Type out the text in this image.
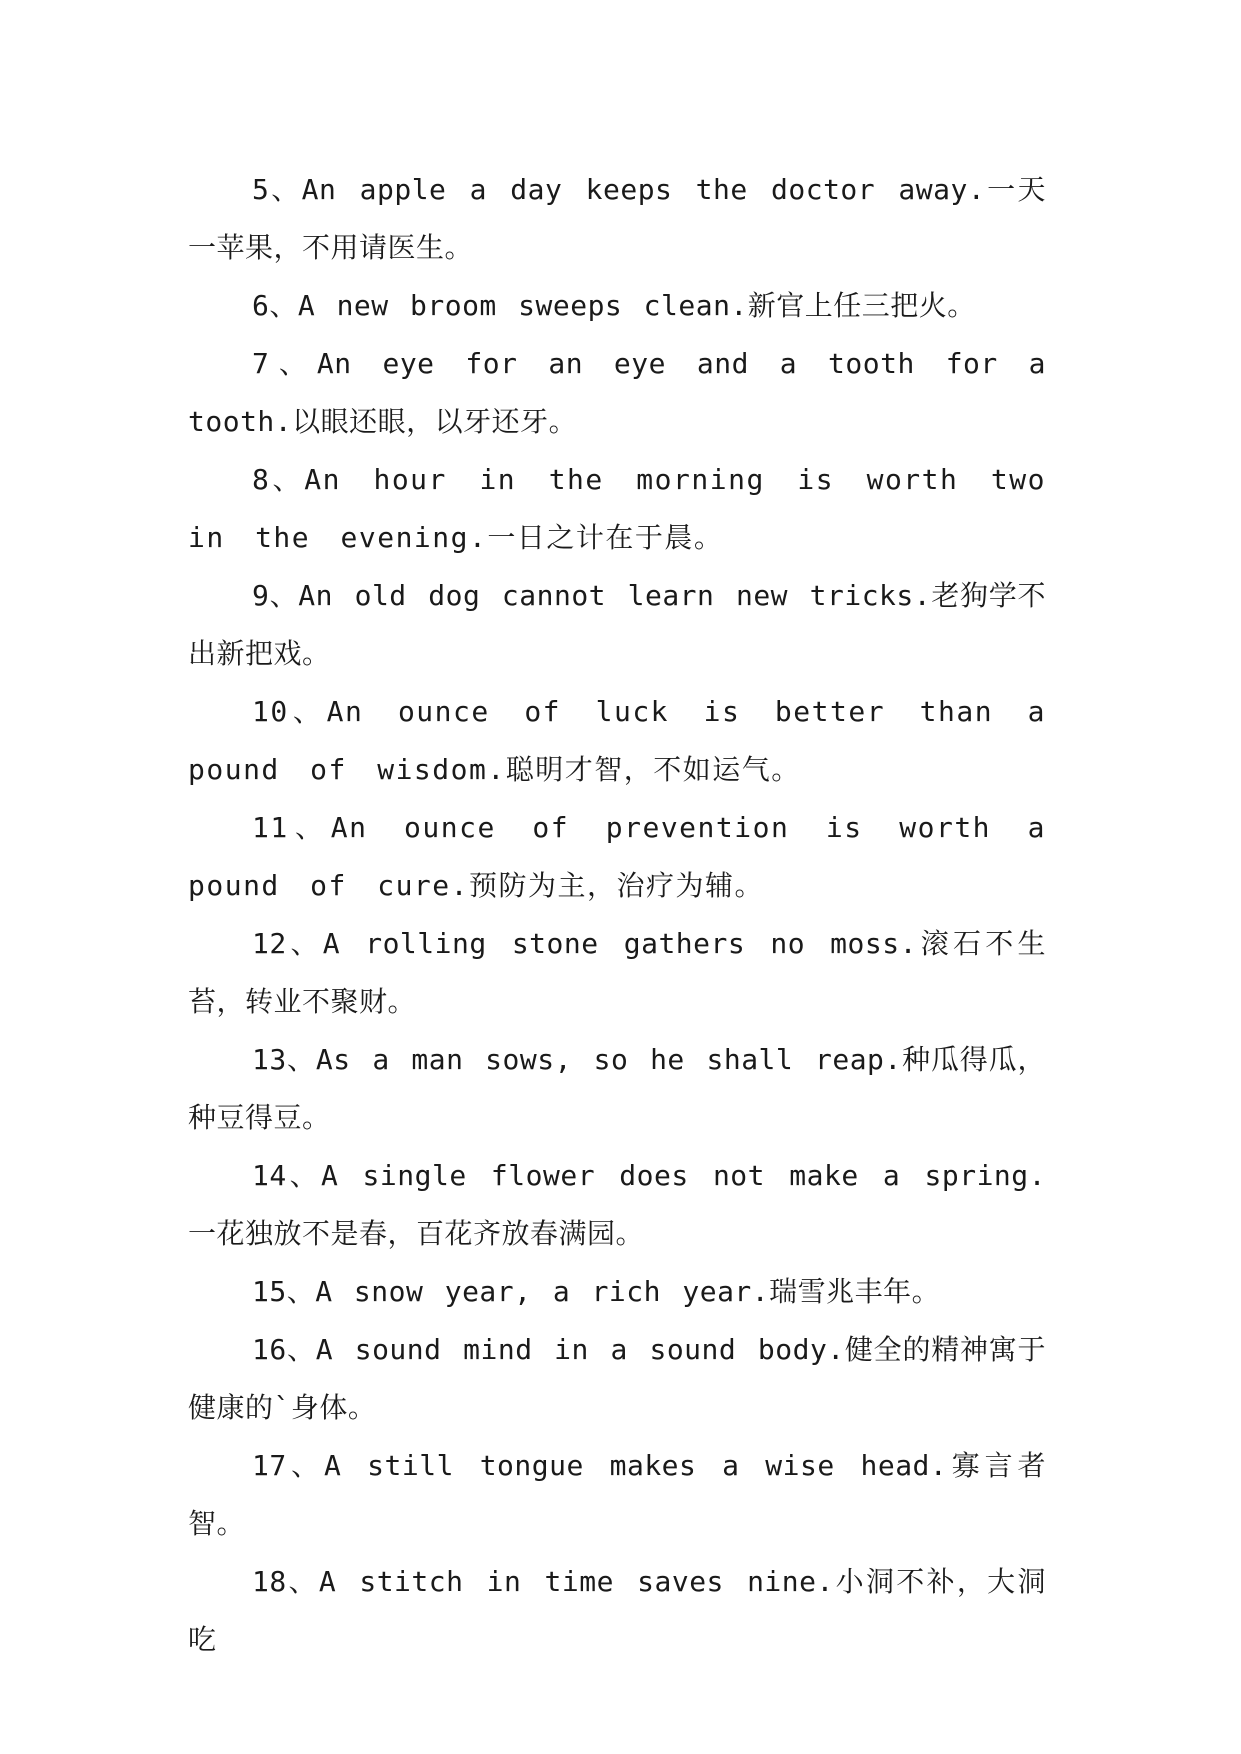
5、An apple a day keeps the doctor away.一天一苹果，不用请医生。

6、A new broom sweeps clean.新官上任三把火。

7、An eye for an eye and a tooth for a tooth.以眼还眼，以牙还牙。

8、An hour in the morning is worth two in the evening.一日之计在于晨。

9、An old dog cannot learn new tricks.老狗学不出新把戏。

10、An ounce of luck is better than a pound of wisdom.聪明才智，不如运气。

11、An ounce of prevention is worth a pound of cure.预防为主，治疗为辅。

12、A rolling stone gathers no moss.滚石不生苔，转业不聚财。

13、As a man sows, so he shall reap.种瓜得瓜，种豆得豆。

14、A single flower does not make a spring.一花独放不是春，百花齐放春满园。

15、A snow year, a rich year.瑞雪兆丰年。

16、A sound mind in a sound body.健全的精神寓于健康的`身体。

17、A still tongue makes a wise head.寡言者智。

18、A stitch in time saves nine.小洞不补，大洞吃
